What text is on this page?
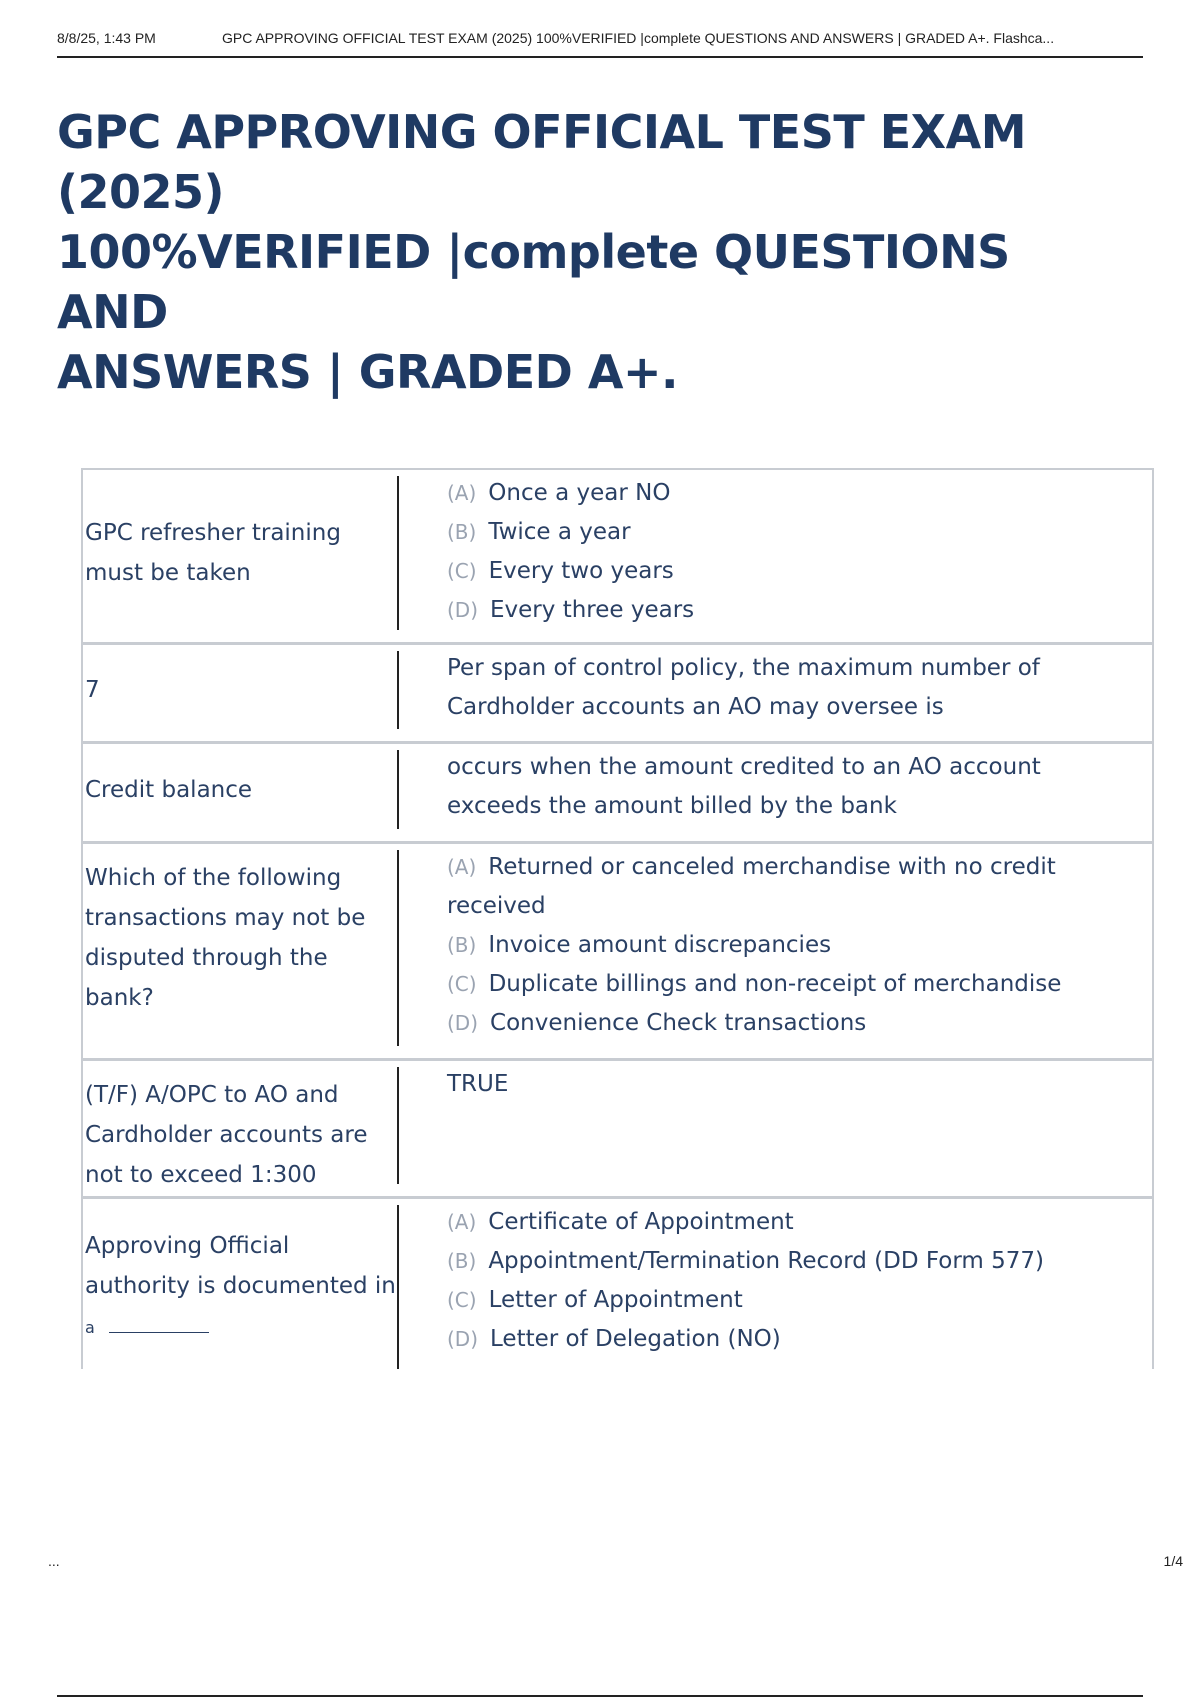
8/8/25, 1:43 PM	GPC APPROVING OFFICIAL TEST EXAM (2025) 100%VERIFIED |complete QUESTIONS AND ANSWERS | GRADED A+. Flashca...
GPC APPROVING OFFICIAL TEST EXAM (2025)
100%VERIFIED |complete QUESTIONS AND
ANSWERS | GRADED A+.
GPC refresher training
must be taken
(A) Once a year NO
(B) Twice a year
(C) Every two years
(D) Every three years
7
Per span of control policy, the maximum number of
Cardholder accounts an AO may oversee is
Credit balance
occurs when the amount credited to an AO account
exceeds the amount billed by the bank
Which of the following
transactions may not be
disputed through the
bank?
(A) Returned or canceled merchandise with no credit
received
(B) Invoice amount discrepancies
(C) Duplicate billings and non-receipt of merchandise
(D) Convenience Check transactions
(T/F) A/OPC to AO and
Cardholder accounts are
not to exceed 1:300
TRUE
Approving Official
authority is documented in
a
(A) Certificate of Appointment
(B) Appointment/Termination Record (DD Form 577)
(C) Letter of Appointment
(D) Letter of Delegation (NO)
...	1/4
